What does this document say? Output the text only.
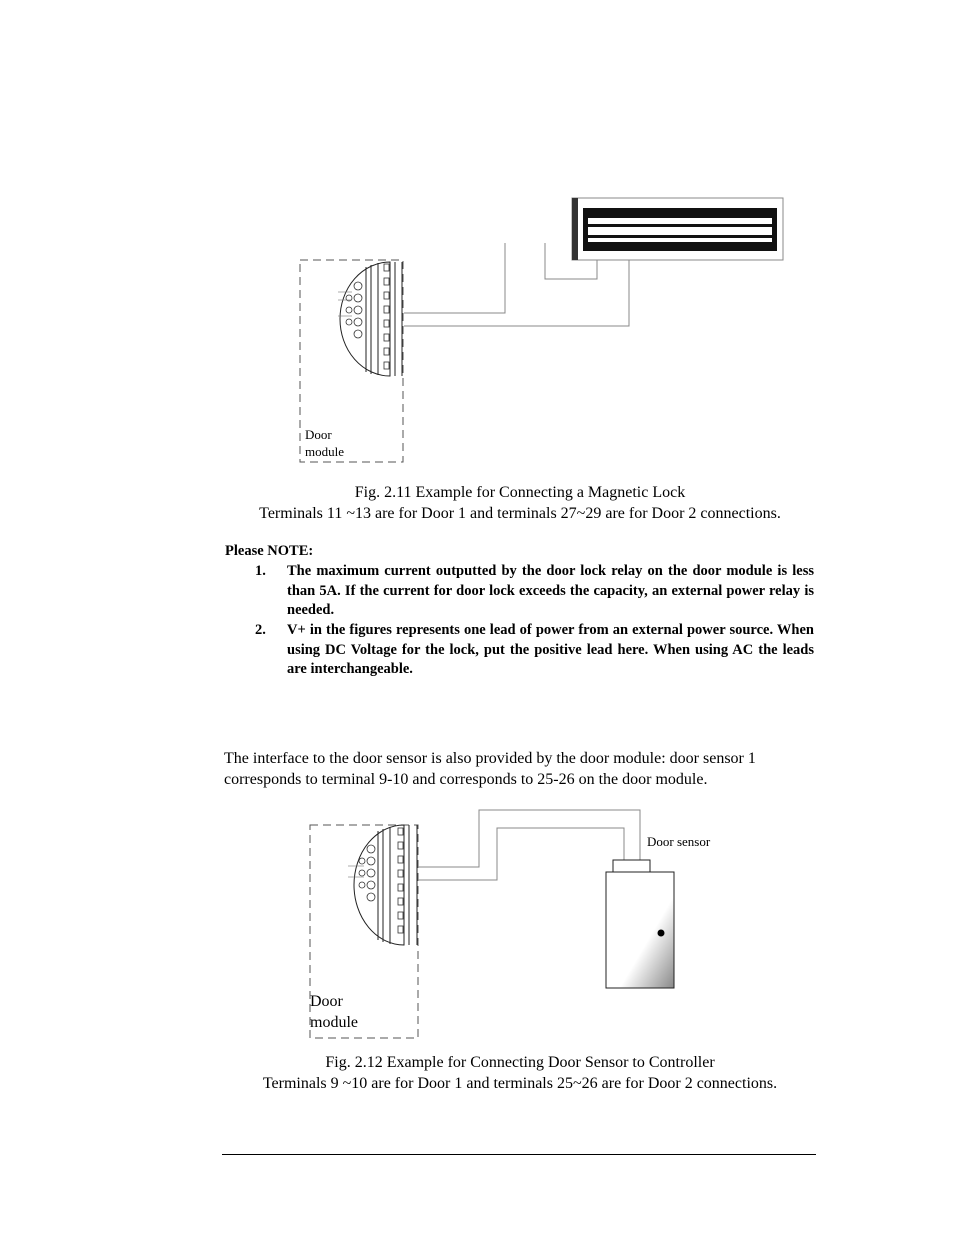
Door
module
Fig. 2.11 Example for Connecting a Magnetic Lock
Terminals 11 ~13 are for Door 1 and terminals 27~29 are for Door 2 connections.
Please NOTE:
1. The maximum current outputted by the door lock relay on the door module is less than 5A. If the current for door lock exceeds the capacity, an external power relay is needed.
2. V+ in the figures represents one lead of power from an external power source. When using DC Voltage for the lock, put the positive lead here. When using AC the leads are interchangeable.
The interface to the door sensor is also provided by the door module: door sensor 1 corresponds to terminal 9-10 and corresponds to 25-26 on the door module.
Door sensor
Door
module
Fig. 2.12 Example for Connecting Door Sensor to Controller
Terminals 9 ~10 are for Door 1 and terminals 25~26 are for Door 2 connections.
